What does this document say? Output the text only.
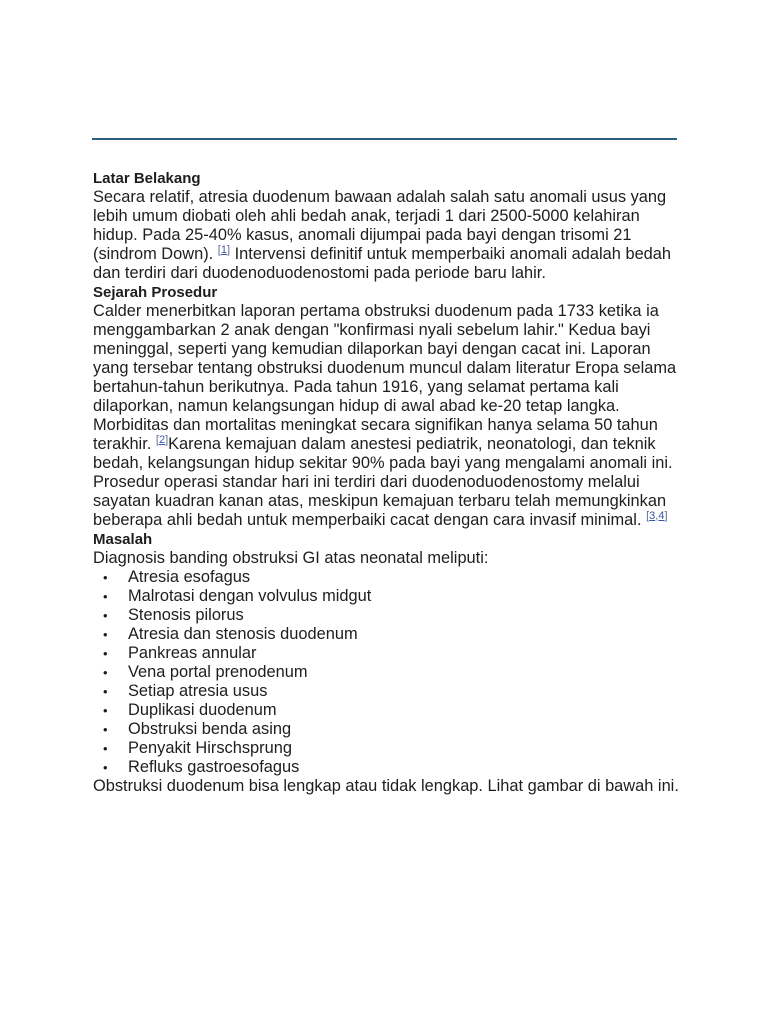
Latar Belakang

Secara relatif, atresia duodenum bawaan adalah salah satu anomali usus yang lebih umum diobati oleh ahli bedah anak, terjadi 1 dari 2500-5000 kelahiran hidup. Pada 25-40% kasus, anomali dijumpai pada bayi dengan trisomi 21 (sindrom Down). [1] Intervensi definitif untuk memperbaiki anomali adalah bedah dan terdiri dari duodenoduodenostomi pada periode baru lahir.

Sejarah Prosedur

Calder menerbitkan laporan pertama obstruksi duodenum pada 1733 ketika ia menggambarkan 2 anak dengan "konfirmasi nyali sebelum lahir." Kedua bayi meninggal, seperti yang kemudian dilaporkan bayi dengan cacat ini. Laporan yang tersebar tentang obstruksi duodenum muncul dalam literatur Eropa selama bertahun-tahun berikutnya. Pada tahun 1916, yang selamat pertama kali dilaporkan, namun kelangsungan hidup di awal abad ke-20 tetap langka. Morbiditas dan mortalitas meningkat secara signifikan hanya selama 50 tahun terakhir. [2]Karena kemajuan dalam anestesi pediatrik, neonatologi, dan teknik bedah, kelangsungan hidup sekitar 90% pada bayi yang mengalami anomali ini. Prosedur operasi standar hari ini terdiri dari duodenoduodenostomy melalui sayatan kuadran kanan atas, meskipun kemajuan terbaru telah memungkinkan beberapa ahli bedah untuk memperbaiki cacat dengan cara invasif minimal. [3,4]

Masalah

Diagnosis banding obstruksi GI atas neonatal meliputi:

• Atresia esofagus
• Malrotasi dengan volvulus midgut
• Stenosis pilorus
• Atresia dan stenosis duodenum
• Pankreas annular
• Vena portal prenodenum
• Setiap atresia usus
• Duplikasi duodenum
• Obstruksi benda asing
• Penyakit Hirschsprung
• Refluks gastroesofagus

Obstruksi duodenum bisa lengkap atau tidak lengkap. Lihat gambar di bawah ini.
